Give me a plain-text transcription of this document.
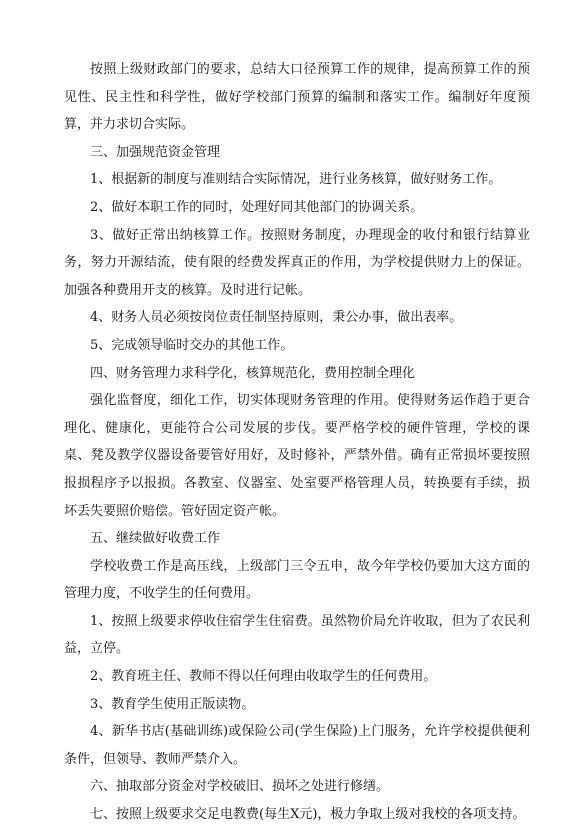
按照上级财政部门的要求，总结大口径预算工作的规律，提高预算工作的预见性、民主性和科学性，做好学校部门预算的编制和落实工作。编制好年度预算，并力求切合实际。

三、加强规范资金管理

1、根据新的制度与准则结合实际情况，进行业务核算，做好财务工作。

2、做好本职工作的同时，处理好同其他部门的协调关系。

3、做好正常出纳核算工作。按照财务制度，办理现金的收付和银行结算业务，努力开源结流，使有限的经费发挥真正的作用，为学校提供财力上的保证。加强各种费用开支的核算。及时进行记帐。

4、财务人员必须按岗位责任制坚持原则，秉公办事，做出表率。

5、完成领导临时交办的其他工作。

四、财务管理力求科学化，核算规范化，费用控制全理化

强化监督度，细化工作，切实体现财务管理的作用。使得财务运作趋于更合理化、健康化，更能符合公司发展的步伐。要严格学校的硬件管理，学校的课桌、凳及教学仪器设备要管好用好，及时修补，严禁外借。确有正常损坏要按照报损程序予以报损。各教室、仪器室、处室要严格管理人员，转换要有手续，损坏丢失要照价赔偿。管好固定资产帐。

五、继续做好收费工作

学校收费工作是高压线，上级部门三令五申，故今年学校仍要加大这方面的管理力度，不收学生的任何费用。

1、按照上级要求停收住宿学生住宿费。虽然物价局允许收取，但为了农民利益，立停。

2、教育班主任、教师不得以任何理由收取学生的任何费用。

3、教育学生使用正版读物。

4、新华书店(基础训练)或保险公司(学生保险)上门服务，允许学校提供便利条件，但领导、教师严禁介入。

六、抽取部分资金对学校破旧、损坏之处进行修缮。

七、按照上级要求交足电教费(每生X元)，极力争取上级对我校的各项支持。
